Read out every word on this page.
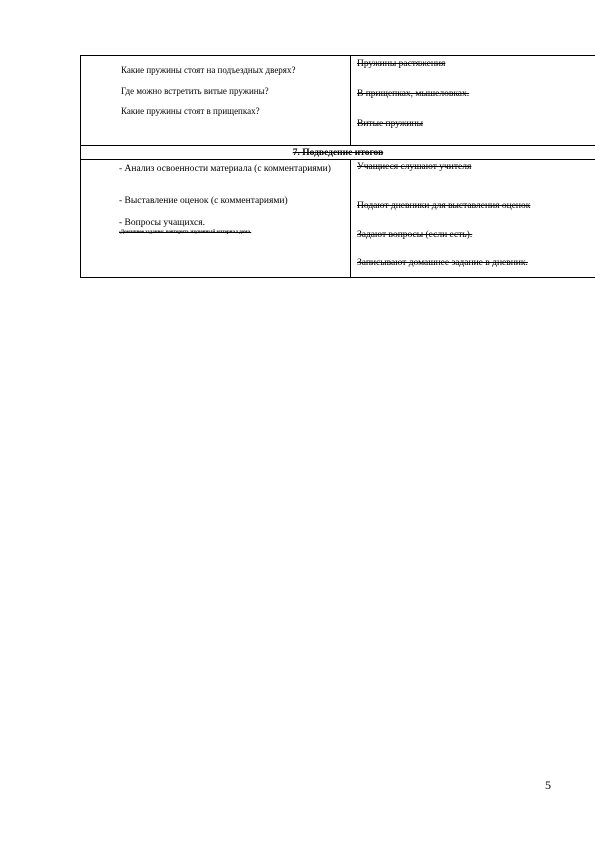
Какие пружины стоят на подъездных дверях?
Где можно встретить витые пружины?
Какие пружины стоят в прищепках?
Пружины растяжения
В прищепках, мышеловках.
Витые пружины
7. Подведение итогов
- Анализ освоенности материала (с комментариями)
- Выставление оценок (с комментариями)
- Вопросы учащихся.
-Домашнее задание: повторить изученный материал дома.
Учащиеся слушают учителя
Подают дневники для выставления оценок
Задают вопросы (если есть).
Записывают домашнее задание в дневник.
5
